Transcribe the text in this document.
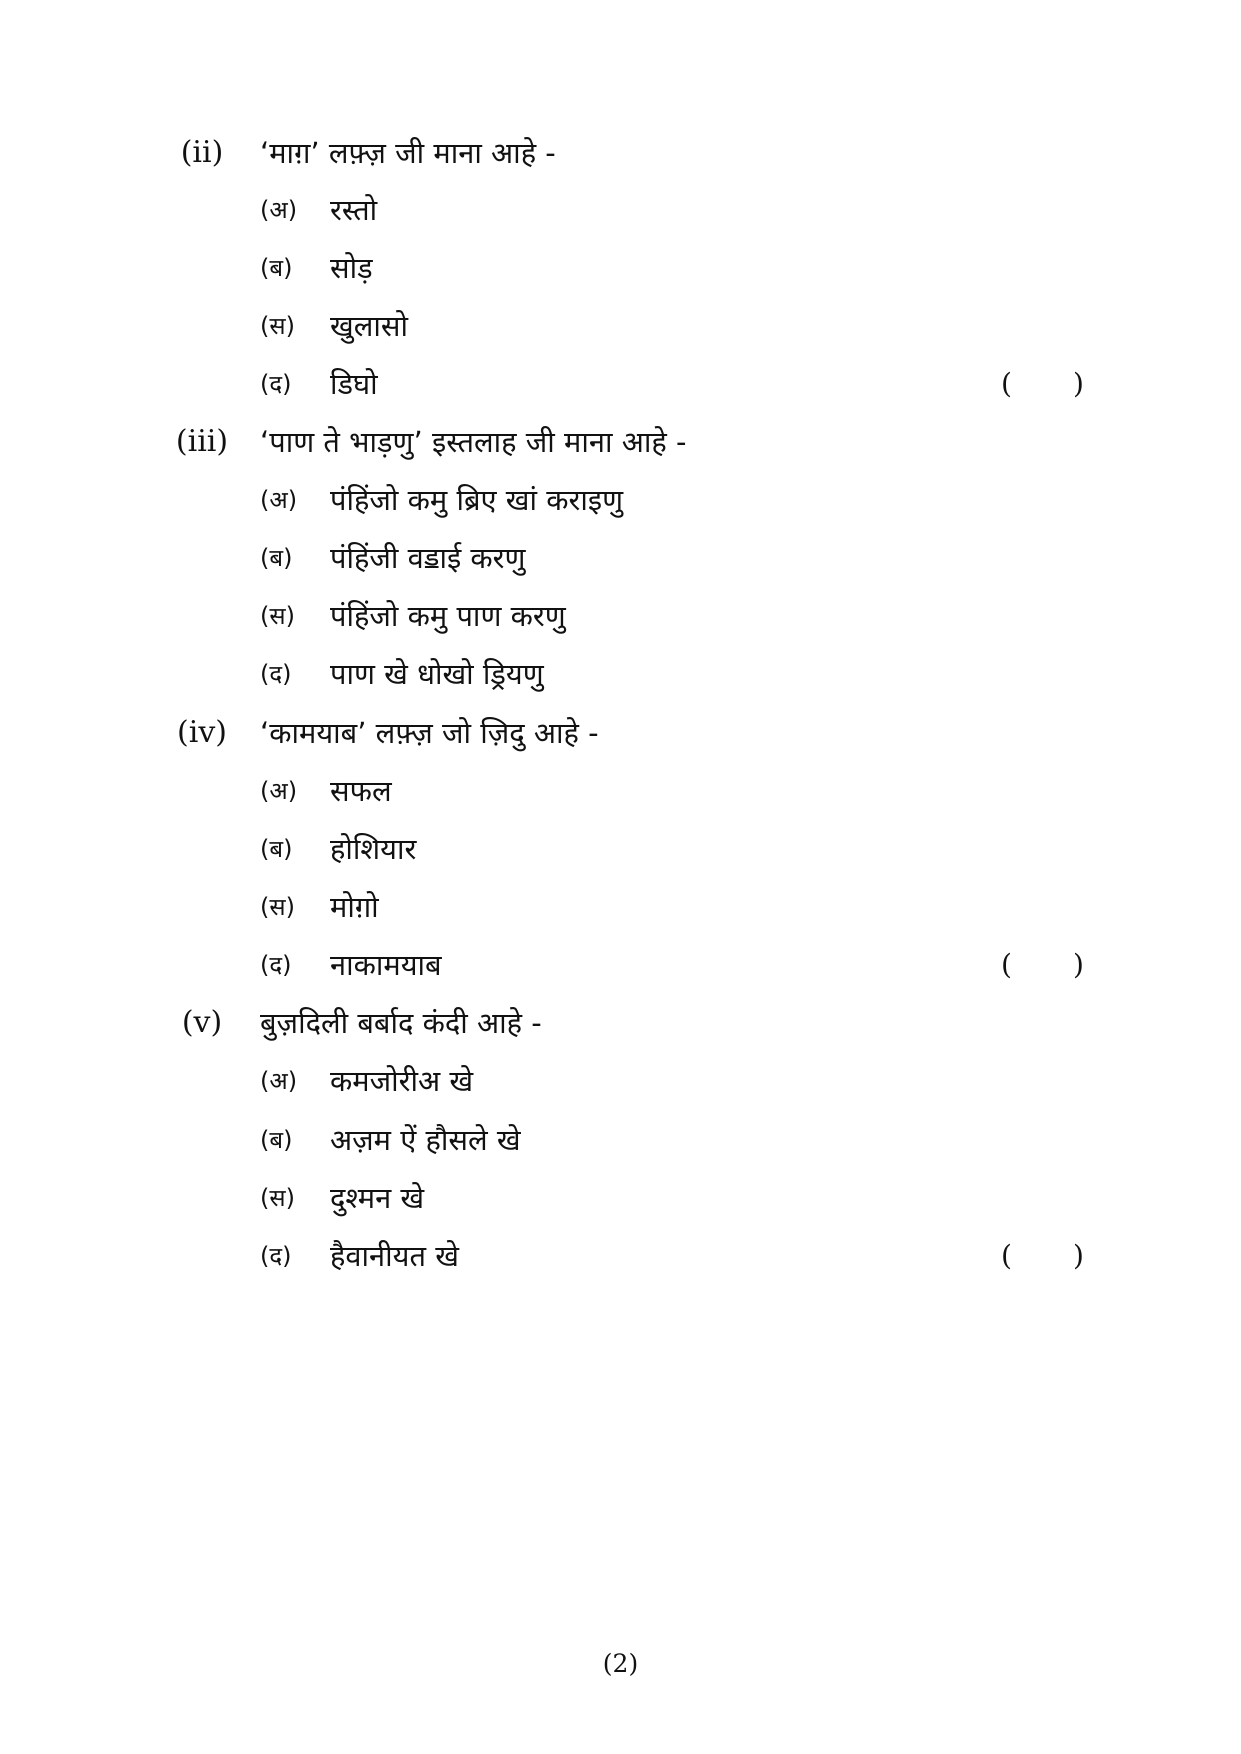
(ii)	‘माग़’ लफ़्ज़ जी माना आहे -
(अ) रस्तो
(ब) सोड़
(स) खुलासो
(द) डिघो	( )
(iii) ‘पाण ते भाड़णु’ इस्तलाह जी माना आहे -
(अ) पंहिंजो कमु ब्रिए खां कराइणु
(ब) पंहिंजी वॾाई करणु
(स) पंहिंजो कमु पाण करणु
(द) पाण खे धोखो ड्रियणु
(iv) ‘कामयाब’ लफ़्ज़ जो ज़िदु आहे -
(अ) सफल
(ब) होशियार
(स) मोग़ो
(द) नाकामयाब	( )
(v)	बुज़दिली बर्बाद कंदी आहे -
(अ) कमजोरीअ खे
(ब) अज़म ऐं हौसले खे
(स) दुश्मन खे
(द) हैवानीयत खे	( )
(2)
